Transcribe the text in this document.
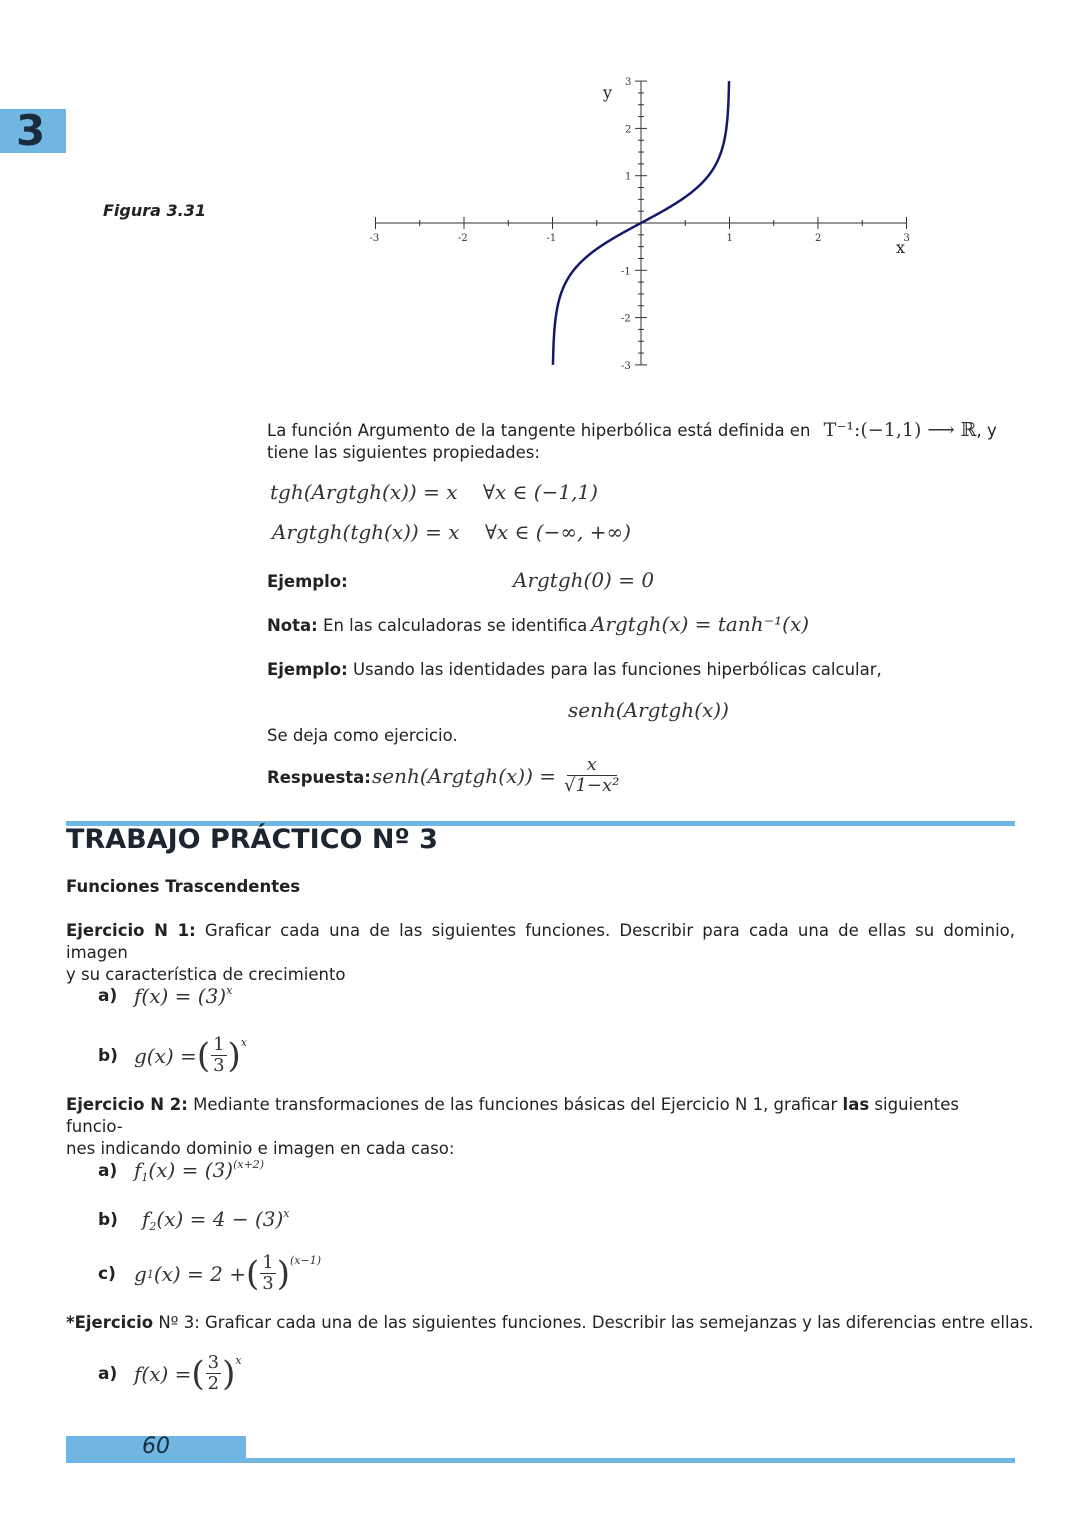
3
Figura 3.31
-3	-2	-1	1	2	3
3
2
1
-1
-2
-3
y
x
La función Argumento de la tangente hiperbólica está definida en T⁻¹:(−1,1) ⟶ ℝ, y
tiene las siguientes propiedades:
tgh(Argtgh(x)) = x    ∀x ∈ (−1,1)
Argtgh(tgh(x)) = x    ∀x ∈ (−∞, +∞)
Ejemplo:	Argtgh(0) = 0
Nota: En las calculadoras se identifica Argtgh(x) = tanh⁻¹(x)
Ejemplo: Usando las identidades para las funciones hiperbólicas calcular,
senh(Argtgh(x))
Se deja como ejercicio.
Respuesta: senh(Argtgh(x)) = $\frac{x}{\text{√1−x²}}$
TRABAJO PRÁCTICO Nº 3
Funciones Trascendentes
Ejercicio N 1: Graficar cada una de las siguientes funciones. Describir para cada una de ellas su dominio, imagen
y su característica de crecimiento
a) $f(x) = (3)^x$
b) g(x) = ( $\frac{1}{3}$ ) x
Ejercicio N 2: Mediante transformaciones de las funciones básicas del Ejercicio N 1, graficar las siguientes funcio-
nes indicando dominio e imagen en cada caso:
a) $f_1(x) = (3)^{(x+2)}$
b)	$f_2(x) = 4 - (3)^x$
c) g 1 (x) = 2 + ( $\frac{1}{3}$ ) (x−1)
*Ejercicio Nº 3: Graficar cada una de las siguientes funciones. Describir las semejanzas y las diferencias entre ellas.
a) f(x) = ( $\frac{3}{2}$ ) x
60
